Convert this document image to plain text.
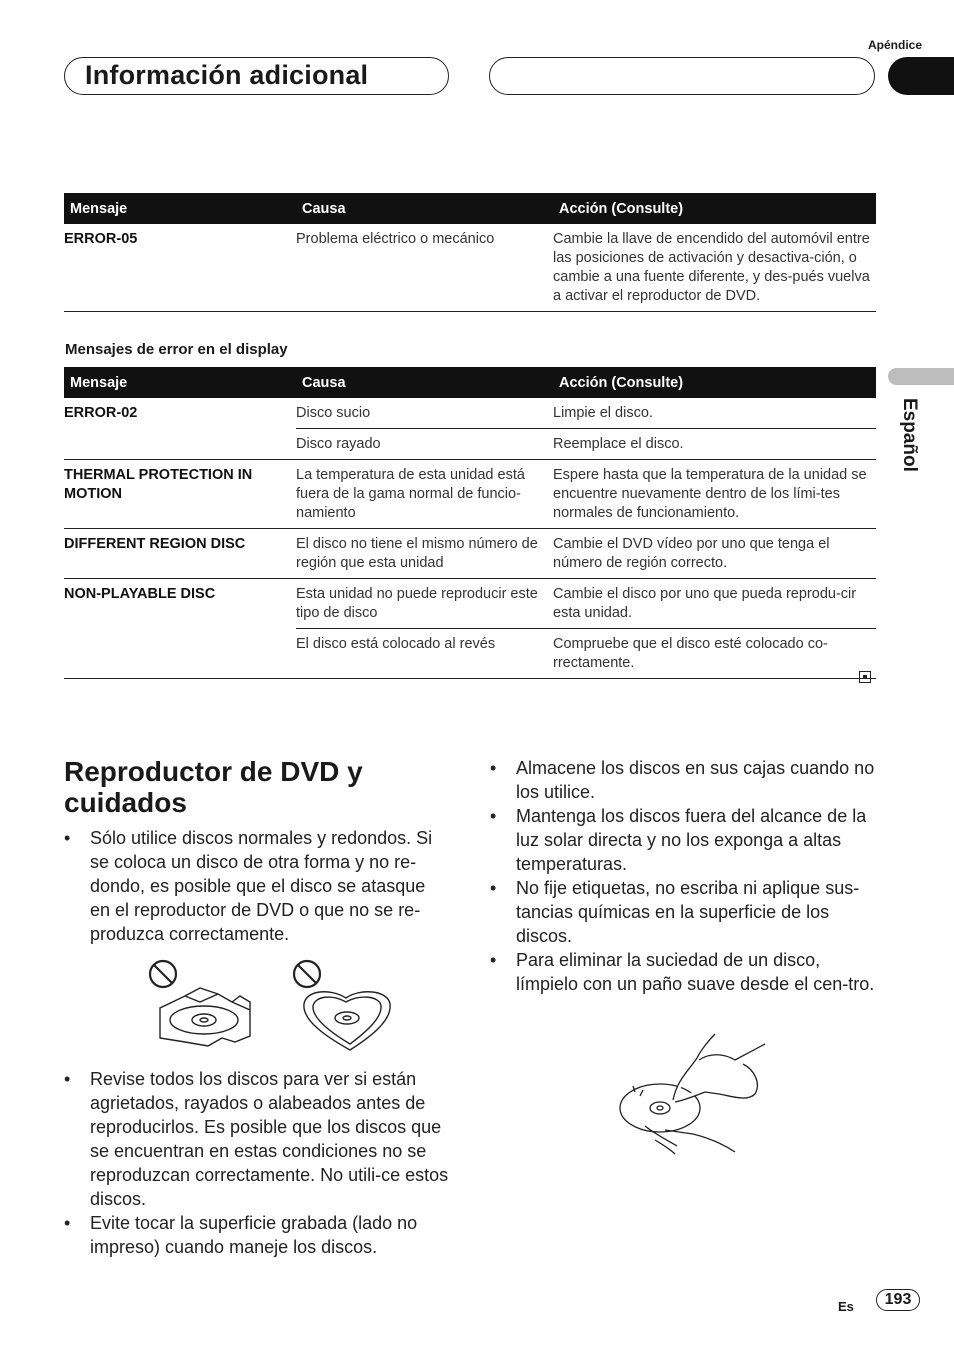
Apéndice
Información adicional
Español
Mensaje	Causa	Acción (Consulte)
ERROR-05	Problema eléctrico o mecánico	Cambie la llave de encendido del automóvil entre las posiciones de activación y desactiva-ción, o cambie a una fuente diferente, y des-pués vuelva a activar el reproductor de DVD.
Mensajes de error en el display
Mensaje	Causa	Acción (Consulte)
ERROR-02	Disco sucio	Limpie el disco.
	Disco rayado	Reemplace el disco.
THERMAL PROTECTION IN MOTION	La temperatura de esta unidad está fuera de la gama normal de funcio-namiento	Espere hasta que la temperatura de la unidad se encuentre nuevamente dentro de los lími-tes normales de funcionamiento.
DIFFERENT REGION DISC	El disco no tiene el mismo número de región que esta unidad	Cambie el DVD vídeo por uno que tenga el número de región correcto.
NON-PLAYABLE DISC	Esta unidad no puede reproducir este tipo de disco	Cambie el disco por uno que pueda reprodu-cir esta unidad.
	El disco está colocado al revés	Compruebe que el disco esté colocado co-rrectamente.
Reproductor de DVD y cuidados
• Sólo utilice discos normales y redondos. Si se coloca un disco de otra forma y no re-dondo, es posible que el disco se atasque en el reproductor de DVD o que no se re-produzca correctamente.
• Revise todos los discos para ver si están agrietados, rayados o alabeados antes de reproducirlos. Es posible que los discos que se encuentran en estas condiciones no se reproduzcan correctamente. No utili-ce estos discos.
• Evite tocar la superficie grabada (lado no impreso) cuando maneje los discos.
• Almacene los discos en sus cajas cuando no los utilice.
• Mantenga los discos fuera del alcance de la luz solar directa y no los exponga a altas temperaturas.
• No fije etiquetas, no escriba ni aplique sus-tancias químicas en la superficie de los discos.
• Para eliminar la suciedad de un disco, límpielo con un paño suave desde el cen-tro.
Es	193
